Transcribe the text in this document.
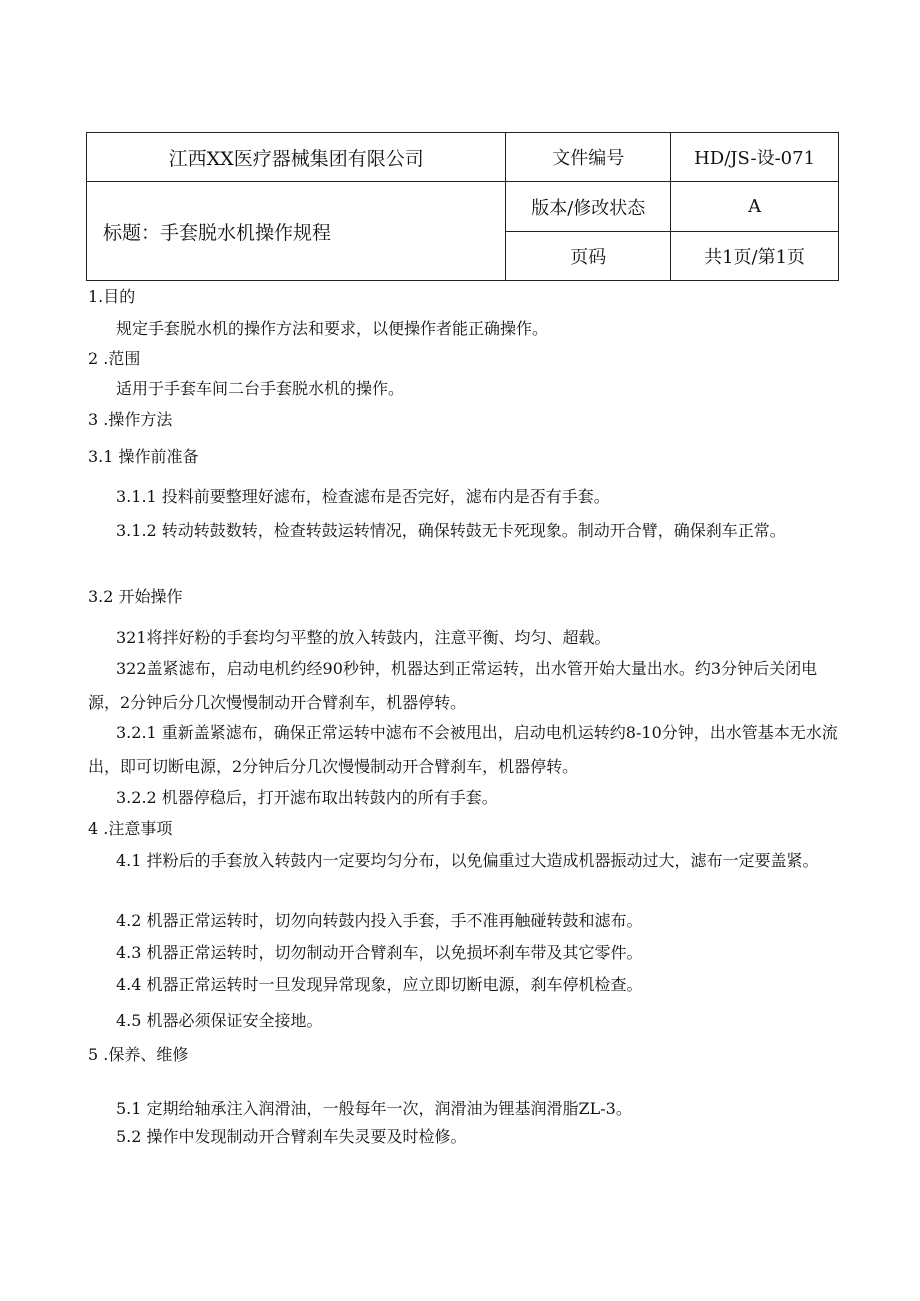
江西XX医疗器械集团有限公司	文件编号	HD/JS-设-071
标题：手套脱水机操作规程	版本/修改状态	A
	页码	共1页/第1页
1.目的
规定手套脱水机的操作方法和要求，以便操作者能正确操作。
2 .范围
适用于手套车间二台手套脱水机的操作。
3 .操作方法
3.1 操作前准备
3.1.1 投料前要整理好滤布，检查滤布是否完好，滤布内是否有手套。
3.1.2 转动转鼓数转，检查转鼓运转情况，确保转鼓无卡死现象。制动开合臂，确保刹车正常。
3.2 开始操作
321将拌好粉的手套均匀平整的放入转鼓内，注意平衡、均匀、超载。
322盖紧滤布，启动电机约经90秒钟，机器达到正常运转，出水管开始大量出水。约3分钟后关闭电源，2分钟后分几次慢慢制动开合臂刹车，机器停转。
3.2.1 重新盖紧滤布，确保正常运转中滤布不会被甩出，启动电机运转约8-10分钟，出水管基本无水流出，即可切断电源，2分钟后分几次慢慢制动开合臂刹车，机器停转。
3.2.2 机器停稳后，打开滤布取出转鼓内的所有手套。
4 .注意事项
4.1 拌粉后的手套放入转鼓内一定要均匀分布，以免偏重过大造成机器振动过大，滤布一定要盖紧。
4.2 机器正常运转时，切勿向转鼓内投入手套，手不准再触碰转鼓和滤布。
4.3 机器正常运转时，切勿制动开合臂刹车，以免损坏刹车带及其它零件。
4.4 机器正常运转时一旦发现异常现象，应立即切断电源，刹车停机检查。
4.5 机器必须保证安全接地。
5 .保养、维修
5.1 定期给轴承注入润滑油，一般每年一次，润滑油为锂基润滑脂ZL-3。
5.2 操作中发现制动开合臂刹车失灵要及时检修。
